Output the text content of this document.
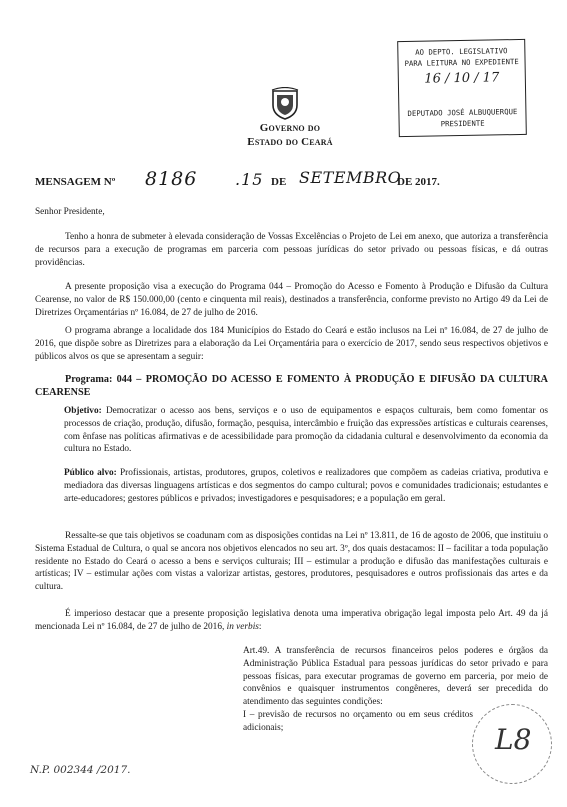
Governo do
Estado do Ceará
AO DEPTO. LEGISLATIVO
PARA LEITURA NO EXPEDIENTE
16 / 10 / 17
DEPUTADO JOSÉ ALBUQUERQUE
PRESIDENTE
MENSAGEM Nº 8186 .15 DE SETEMBRO
DE 2017.
Senhor Presidente,
Tenho a honra de submeter à elevada consideração de Vossas Excelências o Projeto de Lei em anexo, que autoriza a transferência de recursos para a execução de programas em parceria com pessoas jurídicas do setor privado ou pessoas físicas, e dá outras providências.
A presente proposição visa a execução do Programa 044 – Promoção do Acesso e Fomento à Produção e Difusão da Cultura Cearense, no valor de R$ 150.000,00 (cento e cinquenta mil reais), destinados a transferência, conforme previsto no Artigo 49 da Lei de Diretrizes Orçamentárias nº 16.084, de 27 de julho de 2016.
O programa abrange a localidade dos 184 Municípios do Estado do Ceará e estão inclusos na Lei nº 16.084, de 27 de julho de 2016, que dispõe sobre as Diretrizes para a elaboração da Lei Orçamentária para o exercício de 2017, sendo seus respectivos objetivos e públicos alvos os que se apresentam a seguir:
Programa: 044 – PROMOÇÃO DO ACESSO E FOMENTO À PRODUÇÃO E DIFUSÃO DA CULTURA CEARENSE
Objetivo: Democratizar o acesso aos bens, serviços e o uso de equipamentos e espaços culturais, bem como fomentar os processos de criação, produção, difusão, formação, pesquisa, intercâmbio e fruição das expressões artísticas e culturais cearenses, com ênfase nas políticas afirmativas e de acessibilidade para promoção da cidadania cultural e desenvolvimento da economia da cultura no Estado.
Público alvo: Profissionais, artistas, produtores, grupos, coletivos e realizadores que compõem as cadeias criativa, produtiva e mediadora das diversas linguagens artísticas e dos segmentos do campo cultural; povos e comunidades tradicionais; estudantes e arte-educadores; gestores públicos e privados; investigadores e pesquisadores; e a população em geral.
Ressalte-se que tais objetivos se coadunam com as disposições contidas na Lei nº 13.811, de 16 de agosto de 2006, que instituiu o Sistema Estadual de Cultura, o qual se ancora nos objetivos elencados no seu art. 3º, dos quais destacamos: II – facilitar a toda população residente no Estado do Ceará o acesso a bens e serviços culturais; III – estimular a produção e difusão das manifestações culturais e artísticas; IV – estimular ações com vistas a valorizar artistas, gestores, produtores, pesquisadores e outros profissionais das artes e da cultura.
É imperioso destacar que a presente proposição legislativa denota uma imperativa obrigação legal imposta pelo Art. 49 da já mencionada Lei nº 16.084, de 27 de julho de 2016, in verbis:
Art.49. A transferência de recursos financeiros pelos poderes e órgãos da Administração Pública Estadual para pessoas jurídicas do setor privado e para pessoas físicas, para executar programas de governo em parceria, por meio de convênios e quaisquer instrumentos congêneres, deverá ser precedida do atendimento das seguintes condições:
I – previsão de recursos no orçamento ou em seus créditos adicionais;
N.P. 002344 /2017.
L8
